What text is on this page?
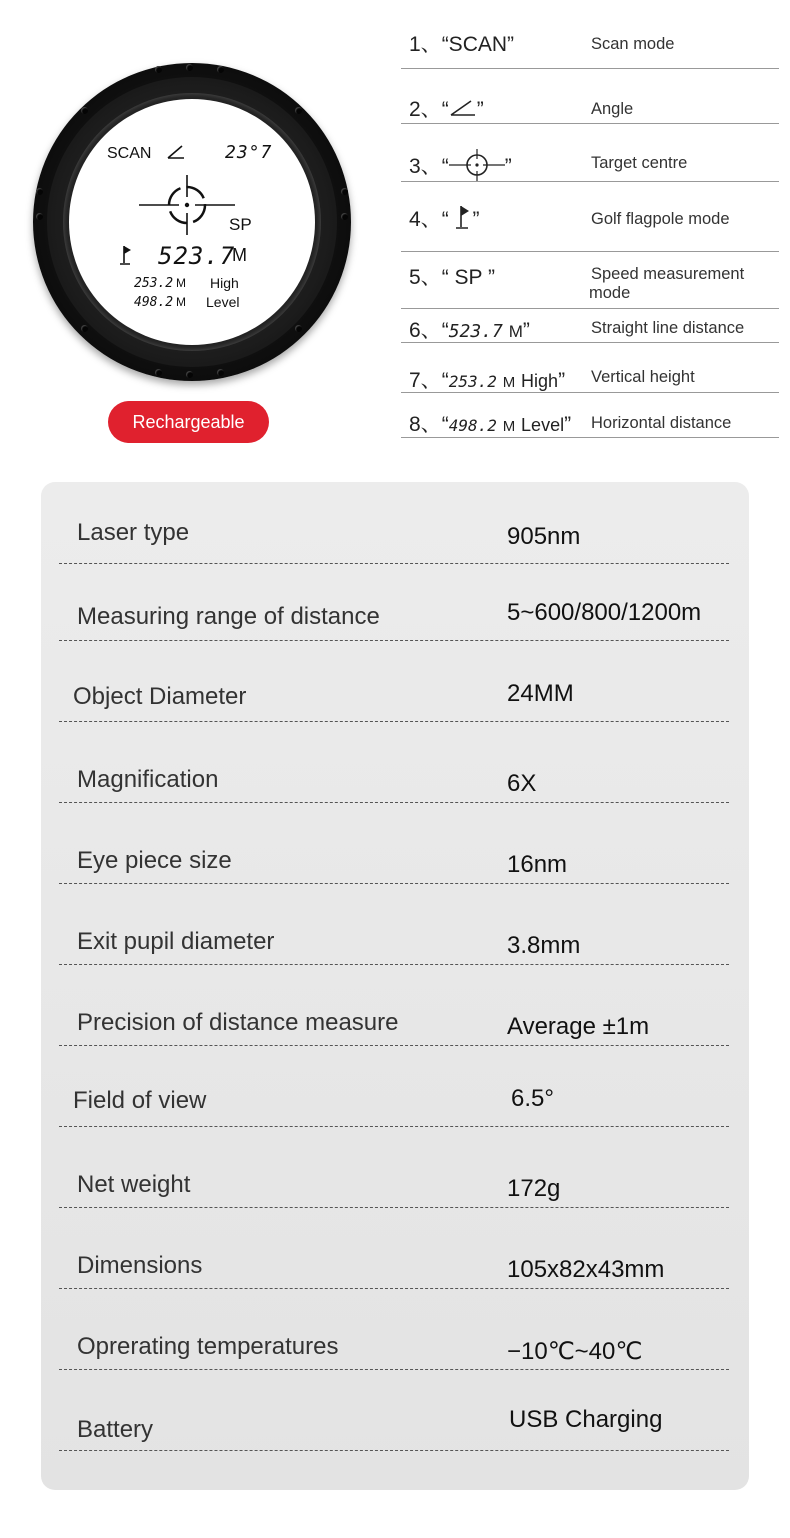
SCAN	23°7
SP
523.7
M
253.2 M High
498.2 M Level
Rechargeable
1、“SCAN”	Scan mode
2、“ ”	Angle
3、“	”	Target centre
4、“ ”	Golf flagpole mode
5、“ SP ”	Speed measurement
mode
6、“523.7 M”	Straight line distance
7、“253.2 M High” Vertical height
8、“498.2 M Level” Horizontal distance
Laser type	905nm
Measuring range of distance	5~600/800/1200m
Object Diameter	24MM
Magnification	6X
Eye piece size	16nm
Exit pupil diameter	3.8mm
Precision of distance measure	Average ±1m
Field of view	6.5°
Net weight	172g
Dimensions	105x82x43mm
Oprerating temperatures	−10℃~40℃
Battery	USB Charging
